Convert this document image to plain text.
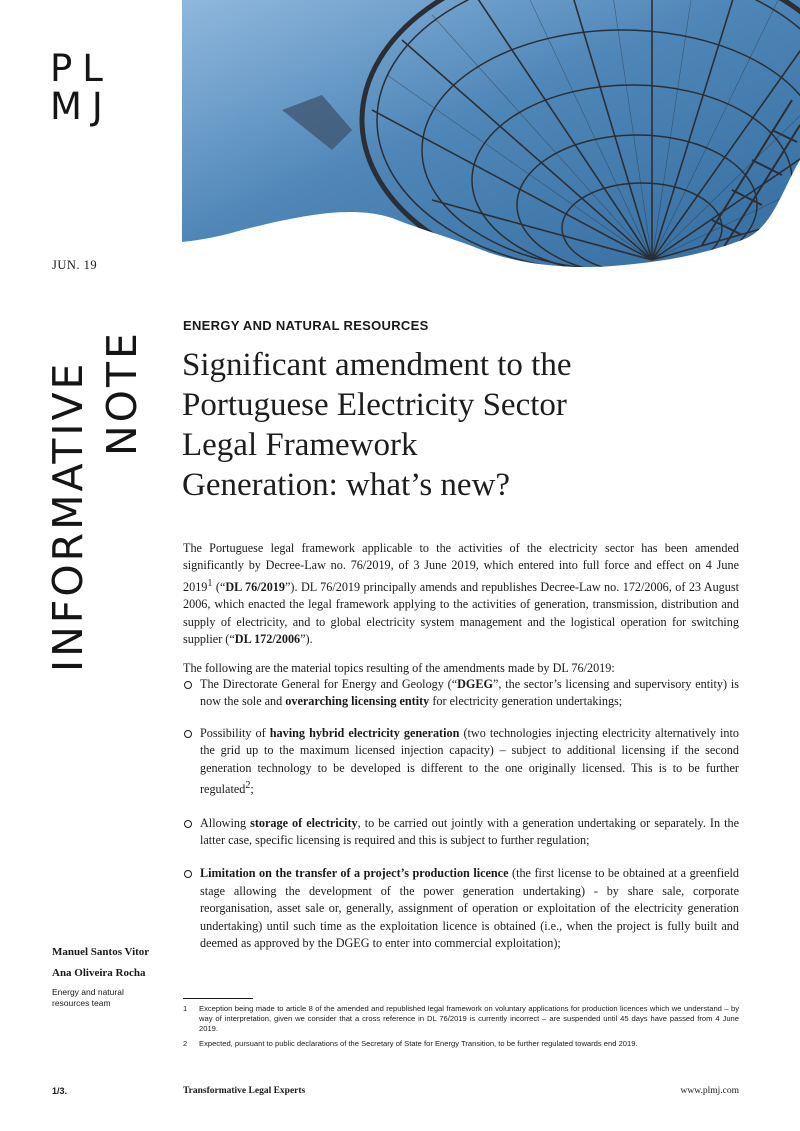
PL
MJ
JUN. 19
INFORMATIVE NOTE
ENERGY AND NATURAL RESOURCES
Significant amendment to the
Portuguese Electricity Sector
Legal Framework
Generation: what’s new?

The Portuguese legal framework applicable to the activities of the electricity sector has been amended significantly by Decree-Law no. 76/2019, of 3 June 2019, which entered into full force and effect on 4 June 2019$^1$ (“DL 76/2019”). DL 76/2019 principally amends and republishes Decree-Law no. 172/2006, of 23 August 2006, which enacted the legal framework applying to the activities of generation, transmission, distribution and supply of electricity, and to global electricity system management and the logistical operation for switching supplier (“DL 172/2006”).

The following are the material topics resulting of the amendments made by DL 76/2019:

The Directorate General for Energy and Geology (“DGEG”, the sector’s licensing and supervisory entity) is now the sole and overarching licensing entity for electricity generation undertakings;
Possibility of having hybrid electricity generation (two technologies injecting electricity alternatively into the grid up to the maximum licensed injection capacity) – subject to additional licensing if the second generation technology to be developed is different to the one originally licensed. This is to be further regulated$^2$;
Allowing storage of electricity, to be carried out jointly with a generation undertaking or separately. In the latter case, specific licensing is required and this is subject to further regulation;
Limitation on the transfer of a project’s production licence (the first license to be obtained at a greenfield stage allowing the development of the power generation undertaking) - by share sale, corporate reorganisation, asset sale or, generally, assignment of operation or exploitation of the electricity generation undertaking) until such time as the exploitation licence is obtained (i.e., when the project is fully built and deemed as approved by the DGEG to enter into commercial exploitation);
Manuel Santos Vitor
Ana Oliveira Rocha
Energy and natural resources team
1 Exception being made to article 8 of the amended and republished legal framework on voluntary applications for production licences which we understand – by way of interpretation, given we consider that a cross reference in DL 76/2019 is currently incorrect – are suspended until 45 days have passed from 4 June 2019.
2 Expected, pursuant to public declarations of the Secretary of State for Energy Transition, to be further regulated towards end 2019.
1/3.	Transformative Legal Experts	www.plmj.com
